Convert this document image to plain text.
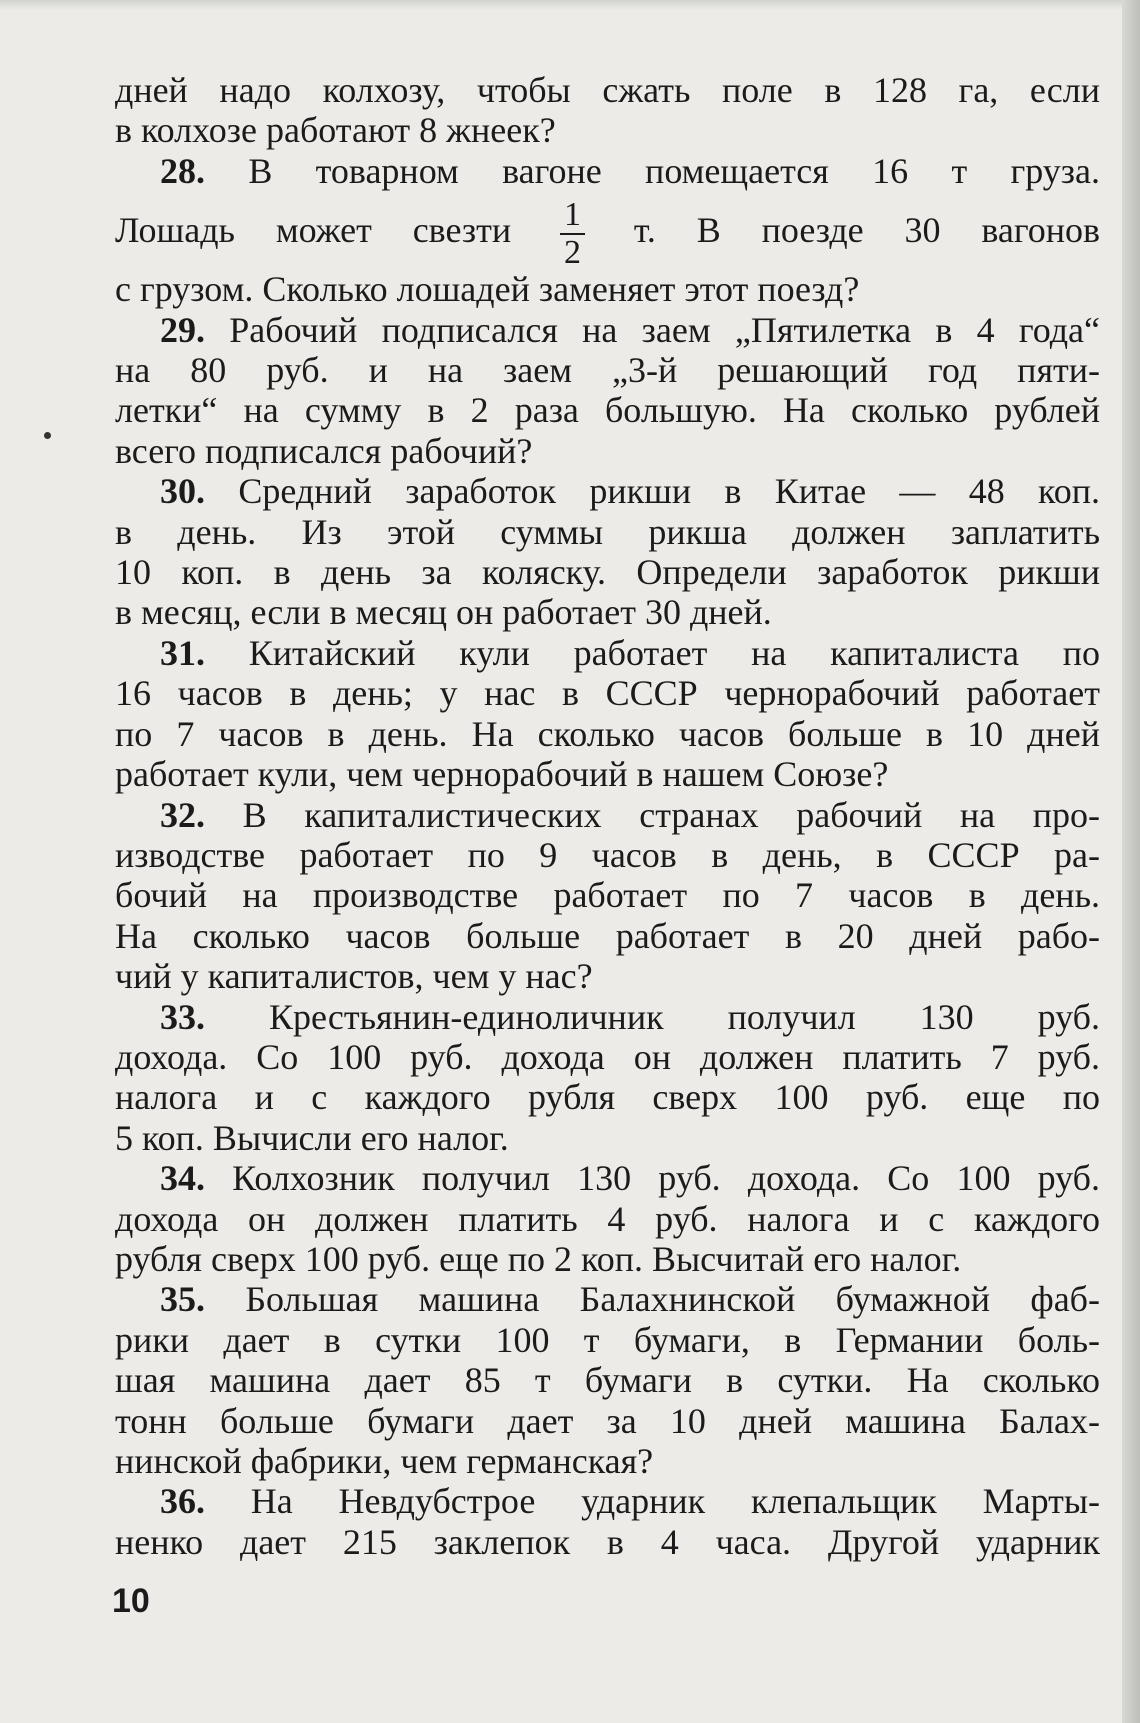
дней надо колхозу, чтобы сжать поле в 128 га, если
в колхозе работают 8 жнеек?
28. В товарном вагоне помещается 16 т груза.
Лошадь может свезти $\frac{1}{2} т$. В поезде 30 вагонов
с грузом. Сколько лошадей заменяет этот поезд?
29. Рабочий подписался на заем „Пятилетка в 4 года“
на 80 руб. и на заем „3-й решающий год пяти-
летки“ на сумму в 2 раза большую. На сколько рублей
всего подписался рабочий?
30. Средний заработок рикши в Китае — 48 коп.
в день. Из этой суммы рикша должен заплатить
10 коп. в день за коляску. Определи заработок рикши
в месяц, если в месяц он работает 30 дней.
31. Китайский кули работает на капиталиста по
16 часов в день; у нас в СССР чернорабочий работает
по 7 часов в день. На сколько часов больше в 10 дней
работает кули, чем чернорабочий в нашем Союзе?
32. В капиталистических странах рабочий на про-
изводстве работает по 9 часов в день, в СССР ра-
бочий на производстве работает по 7 часов в день.
На сколько часов больше работает в 20 дней рабо-
чий у капиталистов, чем у нас?
33. Крестьянин-единоличник получил 130 руб.
дохода. Со 100 руб. дохода он должен платить 7 руб.
налога и с каждого рубля сверх 100 руб. еще по
5 коп. Вычисли его налог.
34. Колхозник получил 130 руб. дохода. Со 100 руб.
дохода он должен платить 4 руб. налога и с каждого
рубля сверх 100 руб. еще по 2 коп. Высчитай его налог.
35. Большая машина Балахнинской бумажной фаб-
рики дает в сутки 100 т бумаги, в Германии боль-
шая машина дает 85 т бумаги в сутки. На сколько
тонн больше бумаги дает за 10 дней машина Балах-
нинской фабрики, чем германская?
36. На Невдубстрое ударник клепальщик Марты-
ненко дает 215 заклепок в 4 часа. Другой ударник
10
